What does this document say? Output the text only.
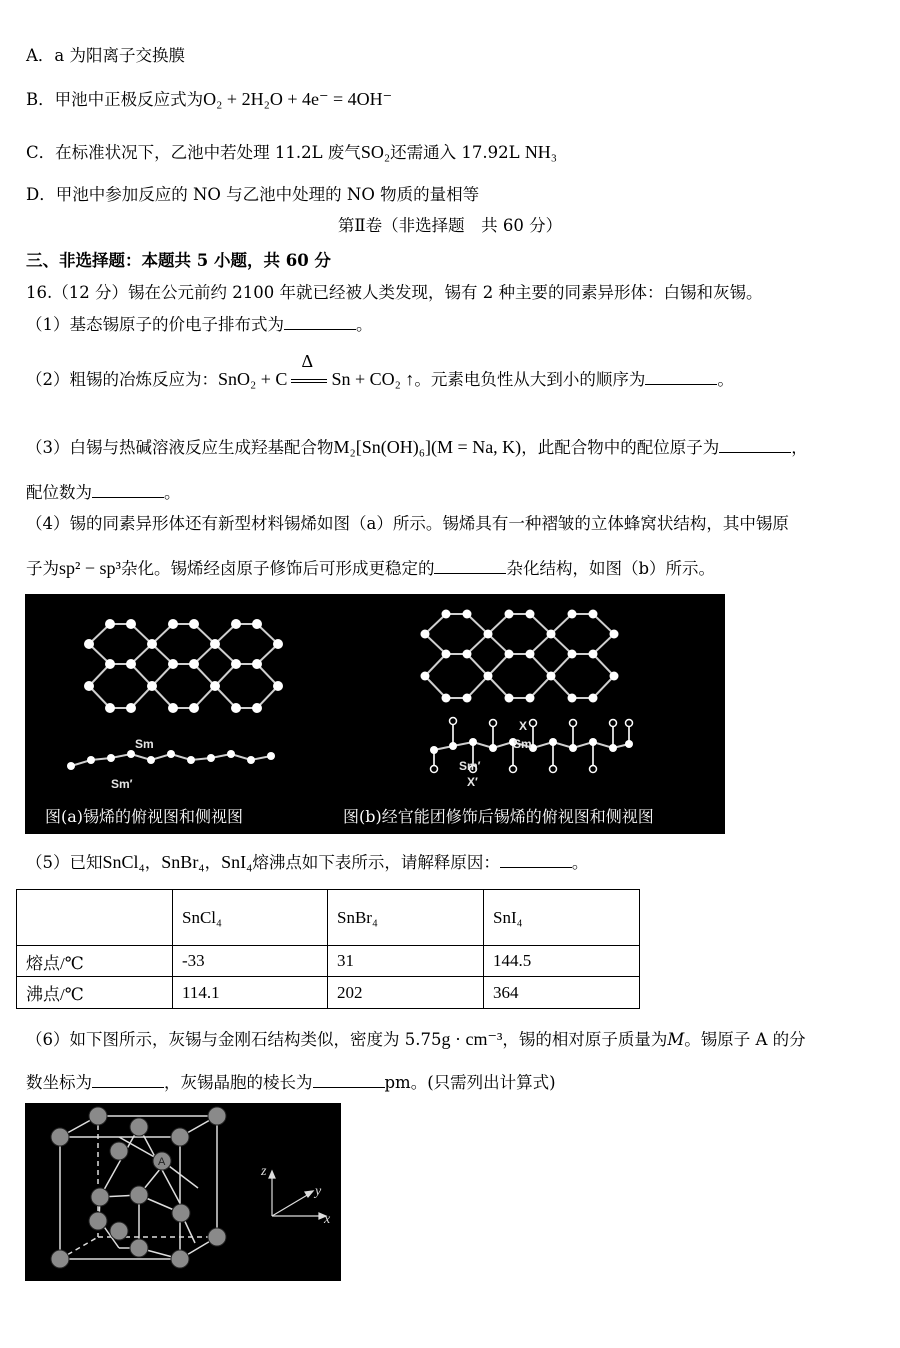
A．a 为阳离子交换膜
B．甲池中正极反应式为O₂ + 2H₂O + 4e⁻ = 4OH⁻
C．在标准状况下，乙池中若处理 11.2L 废气SO₂还需通入 17.92L NH₃
D．甲池中参加反应的 NO 与乙池中处理的 NO 物质的量相等
第Ⅱ卷（非选择题　共 60 分）
三、非选择题：本题共 5 小题，共 60 分
16.（12 分）锡在公元前约 2100 年就已经被人类发现，锡有 2 种主要的同素异形体：白锡和灰锡。
（1）基态锡原子的价电子排布式为	。
（2）粗锡的冶炼反应为：SnO₂ + C
Δ
Sn + CO₂ ↑。元素电负性从大到小的顺序为	。
（3）白锡与热碱溶液反应生成羟基配合物M₂[Sn(OH)₆](M = Na, K)，此配合物中的配位原子为	，
配位数为	。
（4）锡的同素异形体还有新型材料锡烯如图（a）所示。锡烯具有一种褶皱的立体蜂窝状结构，其中锡原
子为sp² − sp³杂化。锡烯经卤原子修饰后可形成更稳定的	杂化结构，如图（b）所示。
Sm
Sm′
X
Sm
Sm′
X′
图(a)锡烯的俯视图和侧视图	图(b)经官能团修饰后锡烯的俯视图和侧视图
（5）已知SnCl₄，SnBr₄，SnI₄熔沸点如下表所示，请解释原因：	。
	SnCl₄	SnBr₄	SnI₄
熔点/℃	-33	31	144.5
沸点/℃	114.1	202	364
（6）如下图所示，灰锡与金刚石结构类似，密度为 5.75g · cm⁻³，锡的相对原子质量为M。锡原子 A 的分
数坐标为	，灰锡晶胞的棱长为	pm。(只需列出计算式)
A
z
y
x
